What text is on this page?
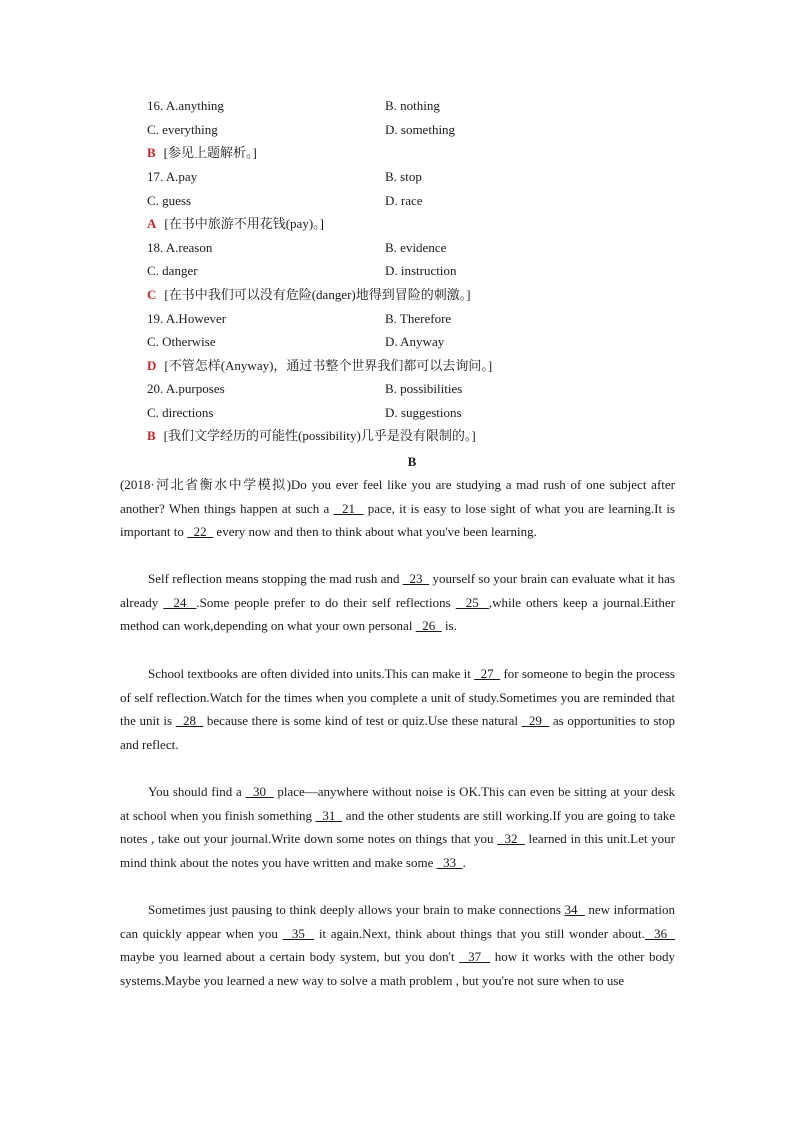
16. A.anything	B. nothing
C. everything	D. something
B [参见上题解析。]
17. A.pay	B. stop
C. guess	D. race
A [在书中旅游不用花钱(pay)。]
18. A.reason	B. evidence
C. danger	D. instruction
C [在书中我们可以没有危险(danger)地得到冒险的刺激。]
19. A.However	B. Therefore
C. Otherwise	D. Anyway
D [不管怎样(Anyway)，通过书整个世界我们都可以去询问。]
20. A.purposes	B. possibilities
C. directions	D. suggestions
B [我们文学经历的可能性(possibility)几乎是没有限制的。]
B
(2018·河北省衡水中学模拟)Do you ever feel like you are studying a mad rush of one subject after another? When things happen at such a   21   pace, it is easy to lose sight of what you are learning.It is important to   22   every now and then to think about what you've been learning.
Self reflection means stopping the mad rush and   23   yourself so your brain can evaluate what it has already   24  .Some people prefer to do their self reflections   25  ,while others keep a journal.Either method can work,depending on what your own personal   26   is.
School textbooks are often divided into units.This can make it   27   for someone to begin the process of self reflection.Watch for the times when you complete a unit of study.Sometimes you are reminded that the unit is   28   because there is some kind of test or quiz.Use these natural   29   as opportunities to stop and reflect.
You should find a   30   place—anywhere without noise is OK.This can even be sitting at your desk at school when you finish something   31   and the other students are still working.If you are going to take notes , take out your journal.Write down some notes on things that you   32   learned in this unit.Let your mind think about the notes you have written and make some   33  .
Sometimes just pausing to think deeply allows your brain to make connections 34   new information can quickly appear when you   35   it again.Next, think about things that you still wonder about.  36   maybe you learned about a certain body system, but you don't   37   how it works with the other body systems.Maybe you learned a new way to solve a math problem , but you're not sure when to use
